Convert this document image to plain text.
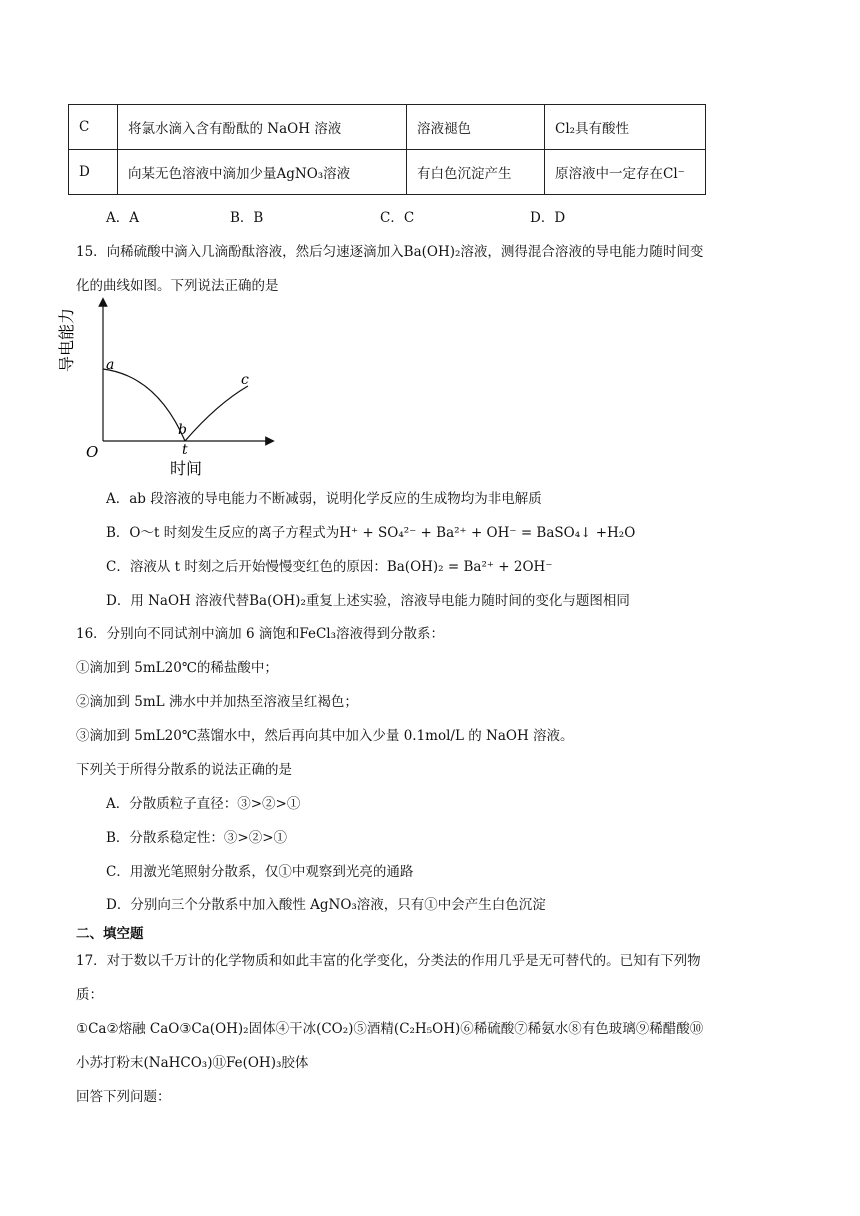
C	将氯水滴入含有酚酞的 NaOH 溶液	溶液褪色	Cl₂具有酸性
D	向某无色溶液中滴加少量AgNO₃溶液	有白色沉淀产生	原溶液中一定存在Cl⁻
A．A	B．B	C．C	D．D
15．向稀硫酸中滴入几滴酚酞溶液，然后匀速逐滴加入Ba(OH)₂溶液，测得混合溶液的导电能力随时间变
化的曲线如图。下列说法正确的是
导电能力 a
b
c
t
O
时间
A．ab 段溶液的导电能力不断减弱，说明化学反应的生成物均为非电解质
B．O～t 时刻发生反应的离子方程式为H⁺ + SO₄²⁻ + Ba²⁺ + OH⁻ = BaSO₄↓ +H₂O
C．溶液从 t 时刻之后开始慢慢变红色的原因：Ba(OH)₂ = Ba²⁺ + 2OH⁻
D．用 NaOH 溶液代替Ba(OH)₂重复上述实验，溶液导电能力随时间的变化与题图相同
16．分别向不同试剂中滴加 6 滴饱和FeCl₃溶液得到分散系：
①滴加到 5mL20℃的稀盐酸中；
②滴加到 5mL 沸水中并加热至溶液呈红褐色；
③滴加到 5mL20℃蒸馏水中，然后再向其中加入少量 0.1mol/L 的 NaOH 溶液。
下列关于所得分散系的说法正确的是
A．分散质粒子直径：③>②>①
B．分散系稳定性：③>②>①
C．用激光笔照射分散系，仅①中观察到光亮的通路
D．分别向三个分散系中加入酸性 AgNO₃溶液，只有①中会产生白色沉淀
二、填空题
17．对于数以千万计的化学物质和如此丰富的化学变化，分类法的作用几乎是无可替代的。已知有下列物
质：
①Ca②熔融 CaO③Ca(OH)₂固体④干冰(CO₂)⑤酒精(C₂H₅OH)⑥稀硫酸⑦稀氨水⑧有色玻璃⑨稀醋酸⑩
小苏打粉末(NaHCO₃)⑪Fe(OH)₃胶体
回答下列问题：
